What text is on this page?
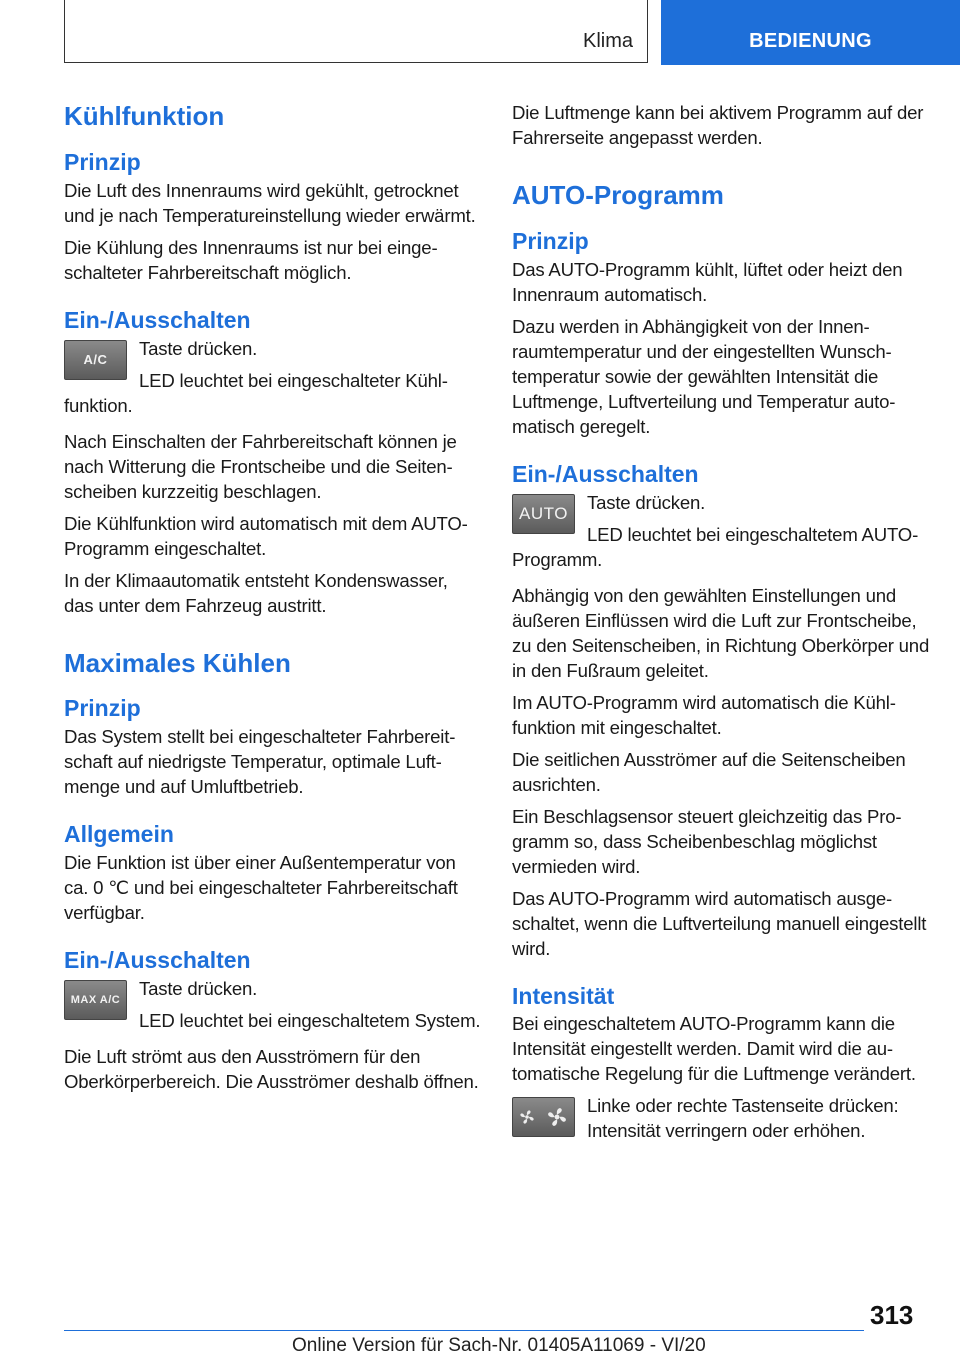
Klima	BEDIENUNG
Kühlfunktion
Prinzip

Die Luft des Innenraums wird gekühlt, getrocknet und je nach Temperatureinstellung wieder erwärmt.

Die Kühlung des Innenraums ist nur bei eingeschalteter Fahrbereitschaft möglich.

Ein-/Ausschalten
A/C

Taste drücken.

LED leuchtet bei eingeschalteter Kühlfunktion.

Nach Einschalten der Fahrbereitschaft können je nach Witterung die Frontscheibe und die Seitenscheiben kurzzeitig beschlagen.

Die Kühlfunktion wird automatisch mit dem AUTO-Programm eingeschaltet.

In der Klimaautomatik entsteht Kondenswasser, das unter dem Fahrzeug austritt.

Maximales Kühlen
Prinzip

Das System stellt bei eingeschalteter Fahrbereitschaft auf niedrigste Temperatur, optimale Luftmenge und auf Umluftbetrieb.

Allgemein

Die Funktion ist über einer Außentemperatur von ca. 0 ℃ und bei eingeschalteter Fahrbereitschaft verfügbar.

Ein-/Ausschalten
MAX A/C

Taste drücken.

LED leuchtet bei eingeschaltetem System.

Die Luft strömt aus den Ausströmern für den Oberkörperbereich. Die Ausströmer deshalb öffnen.

Die Luftmenge kann bei aktivem Programm auf der Fahrerseite angepasst werden.

AUTO-Programm
Prinzip

Das AUTO-Programm kühlt, lüftet oder heizt den Innenraum automatisch.

Dazu werden in Abhängigkeit von der Innenraumtemperatur und der eingestellten Wunschtemperatur sowie der gewählten Intensität die Luftmenge, Luftverteilung und Temperatur automatisch geregelt.

Ein-/Ausschalten
AUTO

Taste drücken.

LED leuchtet bei eingeschaltetem AUTO-Programm.

Abhängig von den gewählten Einstellungen und äußeren Einflüssen wird die Luft zur Frontscheibe, zu den Seitenscheiben, in Richtung Oberkörper und in den Fußraum geleitet.

Im AUTO-Programm wird automatisch die Kühlfunktion mit eingeschaltet.

Die seitlichen Ausströmer auf die Seitenscheiben ausrichten.

Ein Beschlagsensor steuert gleichzeitig das Programm so, dass Scheibenbeschlag möglichst vermieden wird.

Das AUTO-Programm wird automatisch ausgeschaltet, wenn die Luftverteilung manuell eingestellt wird.

Intensität

Bei eingeschaltetem AUTO-Programm kann die Intensität eingestellt werden. Damit wird die automatische Regelung für die Luftmenge verändert.

Linke oder rechte Tastenseite drücken: Intensität verringern oder erhöhen.

313
Online Version für Sach-Nr. 01405A11069 - VI/20
